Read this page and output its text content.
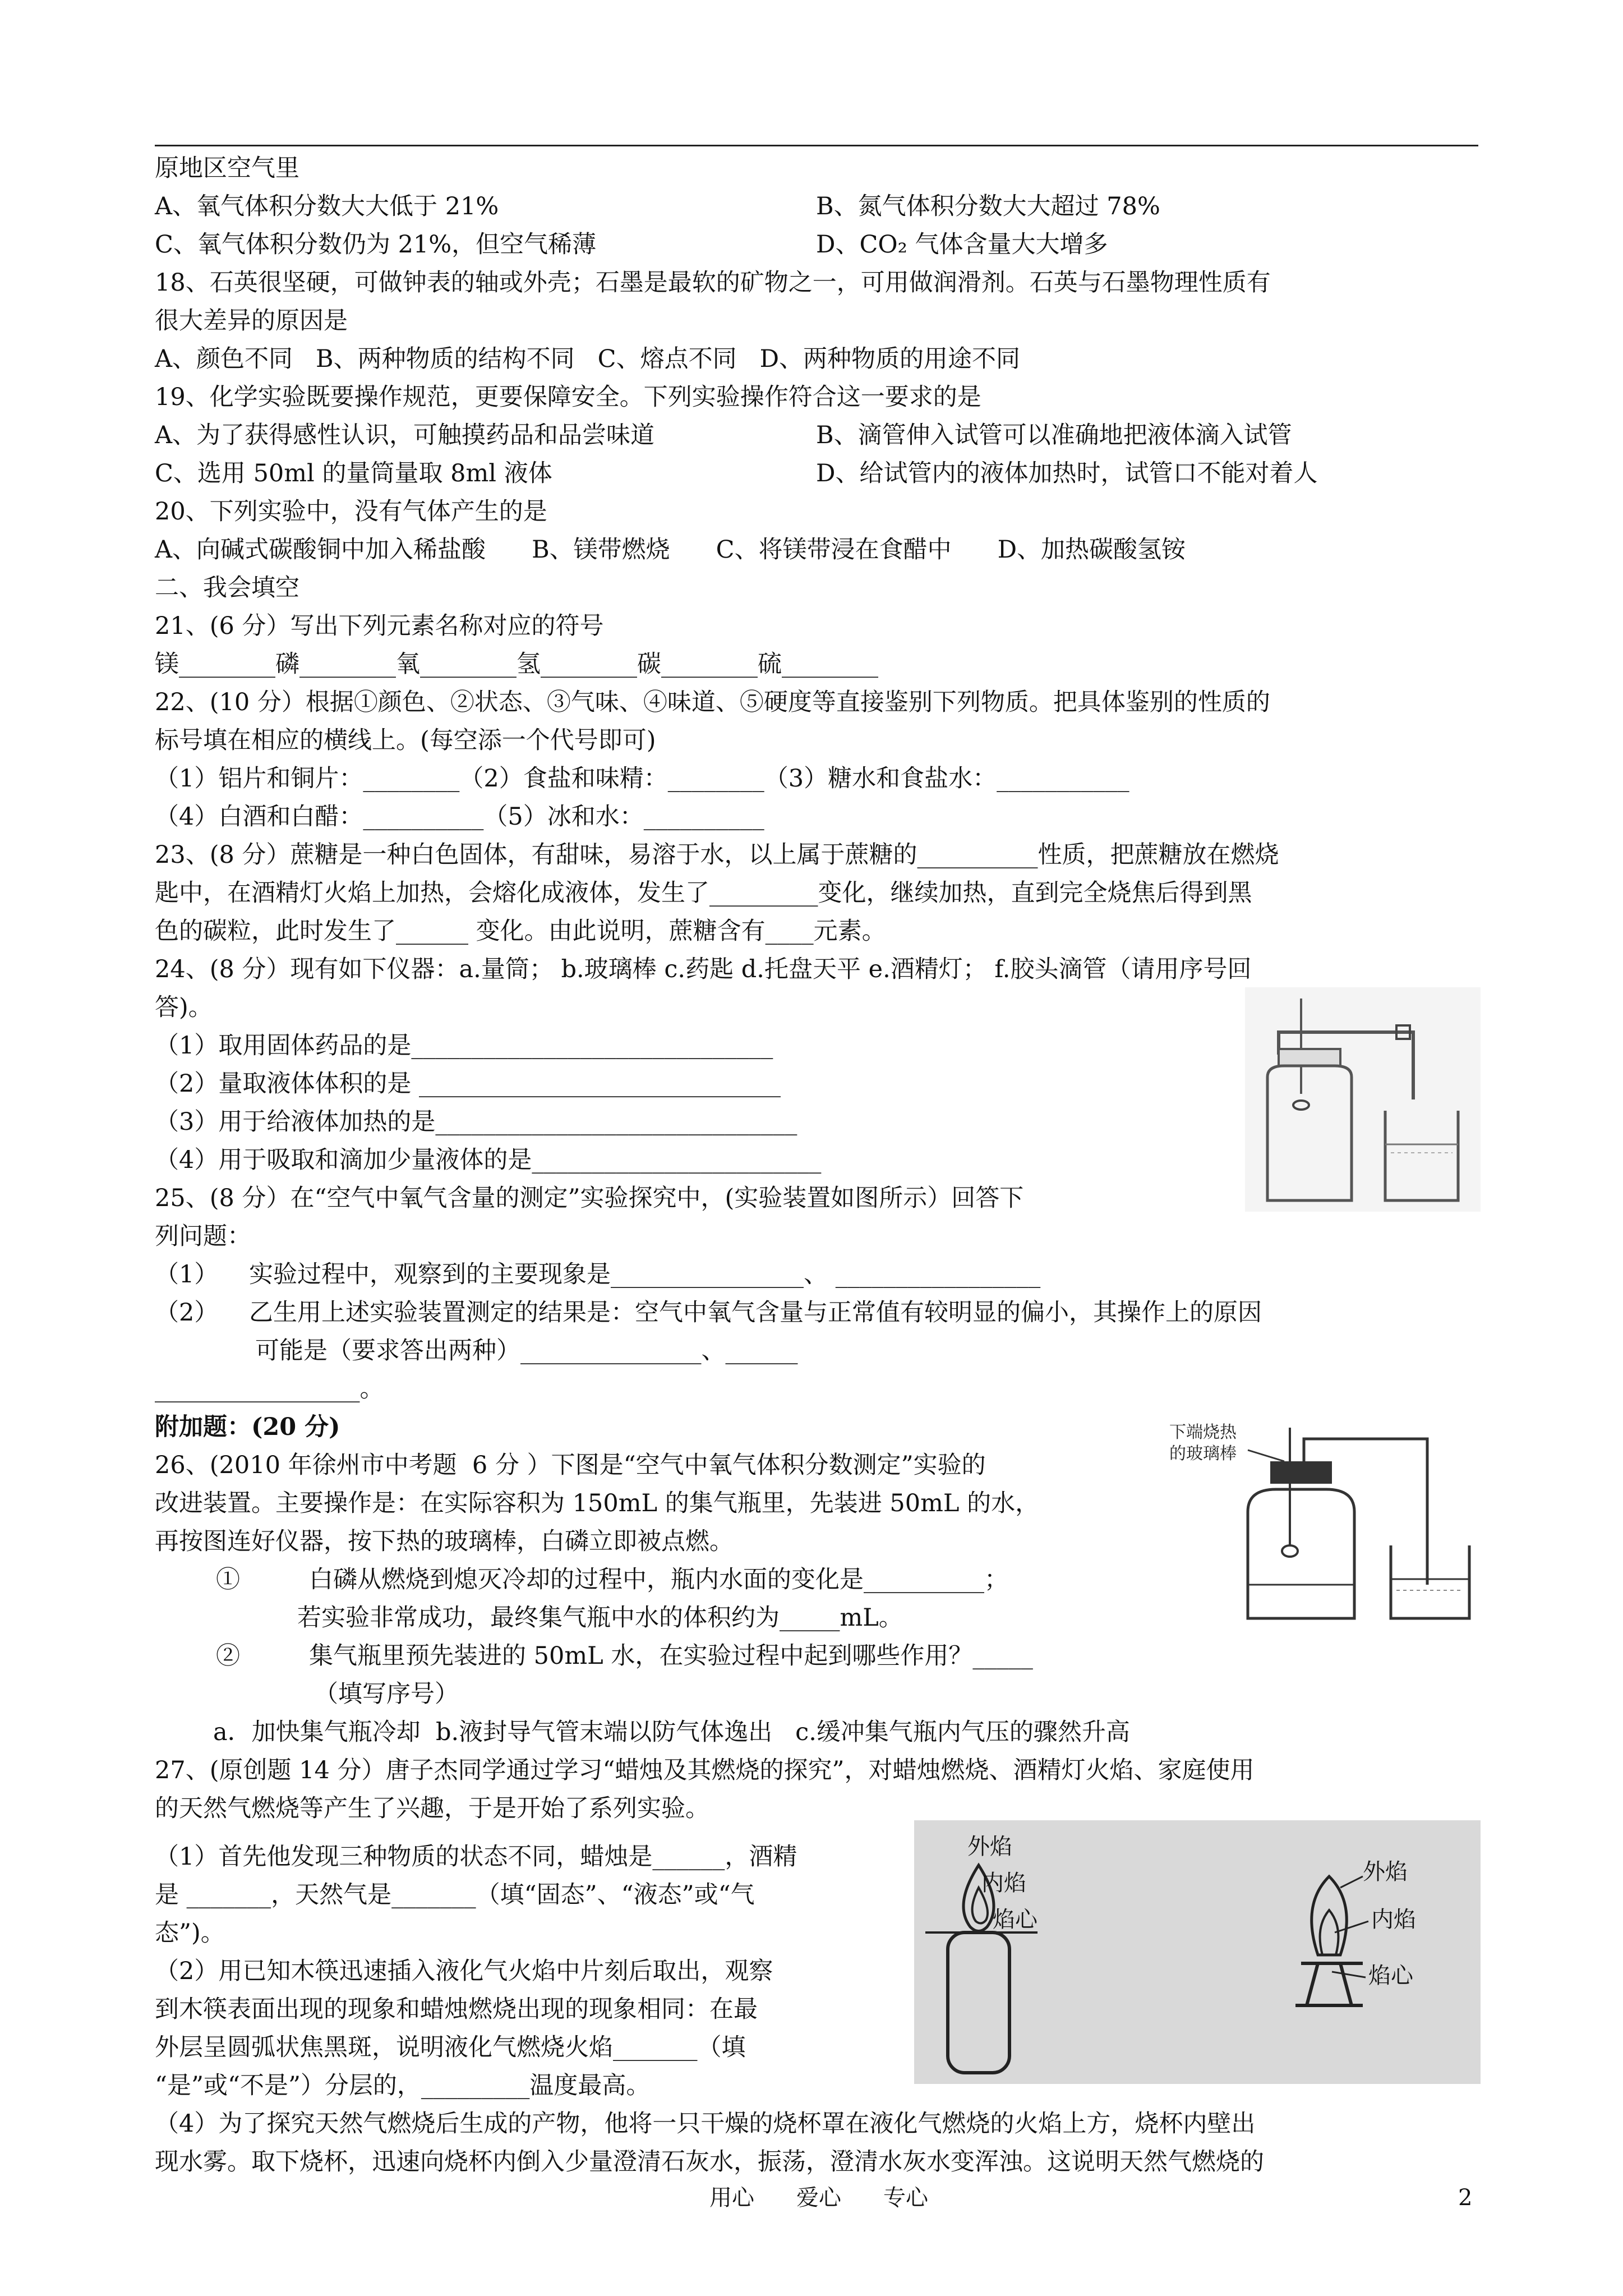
原地区空气里
A、氧气体积分数大大低于 21%	B、氮气体积分数大大超过 78%
C、氧气体积分数仍为 21%，但空气稀薄	D、CO₂ 气体含量大大增多
18、石英很坚硬，可做钟表的轴或外壳；石墨是最软的矿物之一，可用做润滑剂。石英与石墨物理性质有
很大差异的原因是
A、颜色不同   B、两种物质的结构不同   C、熔点不同   D、两种物质的用途不同
19、化学实验既要操作规范，更要保障安全。下列实验操作符合这一要求的是
A、为了获得感性认识，可触摸药品和品尝味道	B、滴管伸入试管可以准确地把液体滴入试管
C、选用 50ml 的量筒量取 8ml 液体	D、给试管内的液体加热时，试管口不能对着人
20、下列实验中，没有气体产生的是
A、向碱式碳酸铜中加入稀盐酸      B、镁带燃烧      C、将镁带浸在食醋中      D、加热碳酸氢铵
二、我会填空
21、(6 分）写出下列元素名称对应的符号
镁________磷________氧________氢________碳________硫________
22、(10 分）根据①颜色、②状态、③气味、④味道、⑤硬度等直接鉴别下列物质。把具体鉴别的性质的
标号填在相应的横线上。(每空添一个代号即可)
（1）铝片和铜片：________（2）食盐和味精：________（3）糖水和食盐水：___________
（4）白酒和白醋：__________（5）冰和水：__________
23、(8 分）蔗糖是一种白色固体，有甜味，易溶于水，以上属于蔗糖的__________性质，把蔗糖放在燃烧
匙中，在酒精灯火焰上加热，会熔化成液体，发生了_________变化，继续加热，直到完全烧焦后得到黑
色的碳粒，此时发生了______ 变化。由此说明，蔗糖含有____元素。
24、(8 分）现有如下仪器：a.量筒； b.玻璃棒 c.药匙 d.托盘天平 e.酒精灯； f.胶头滴管（请用序号回
答)。
（1）取用固体药品的是______________________________
（2）量取液体体积的是 ______________________________
（3）用于给液体加热的是______________________________
（4）用于吸取和滴加少量液体的是________________________
25、(8 分）在“空气中氧气含量的测定”实验探究中，(实验装置如图所示）回答下
列问题：
（1）    实验过程中，观察到的主要现象是________________、 _________________
（2）    乙生用上述实验装置测定的结果是：空气中氧气含量与正常值有较明显的偏小，其操作上的原因
可能是（要求答出两种）_______________、______
_________________。
附加题：(20 分)	下端烧热
的玻璃棒
26、(2010 年徐州市中考题  6 分 ）下图是“空气中氧气体积分数测定”实验的
改进装置。主要操作是：在实际容积为 150mL 的集气瓶里，先装进 50mL 的水，
再按图连好仪器，按下热的玻璃棒，白磷立即被点燃。
①         白磷从燃烧到熄灭冷却的过程中，瓶内水面的变化是__________；
若实验非常成功，最终集气瓶中水的体积约为_____mL。
②         集气瓶里预先装进的 50mL 水，在实验过程中起到哪些作用？_____
（填写序号）
a．加快集气瓶冷却  b.液封导气管末端以防气体逸出   c.缓冲集气瓶内气压的骤然升高
27、(原创题 14 分）唐子杰同学通过学习“蜡烛及其燃烧的探究”，对蜡烛燃烧、酒精灯火焰、家庭使用
的天然气燃烧等产生了兴趣，于是开始了系列实验。
外焰
内焰
焰心
外焰
内焰
焰心
（1）首先他发现三种物质的状态不同，蜡烛是______，酒精
是 _______，天然气是_______（填“固态”、“液态”或“气
态”)。
（2）用已知木筷迅速插入液化气火焰中片刻后取出，观察
到木筷表面出现的现象和蜡烛燃烧出现的现象相同：在最
外层呈圆弧状焦黑斑，说明液化气燃烧火焰_______（填
“是”或“不是”）分层的，_________温度最高。
（4）为了探究天然气燃烧后生成的产物，他将一只干燥的烧杯罩在液化气燃烧的火焰上方，烧杯内壁出
现水雾。取下烧杯，迅速向烧杯内倒入少量澄清石灰水，振荡，澄清水灰水变浑浊。这说明天然气燃烧的
用心 爱心 专心	2
